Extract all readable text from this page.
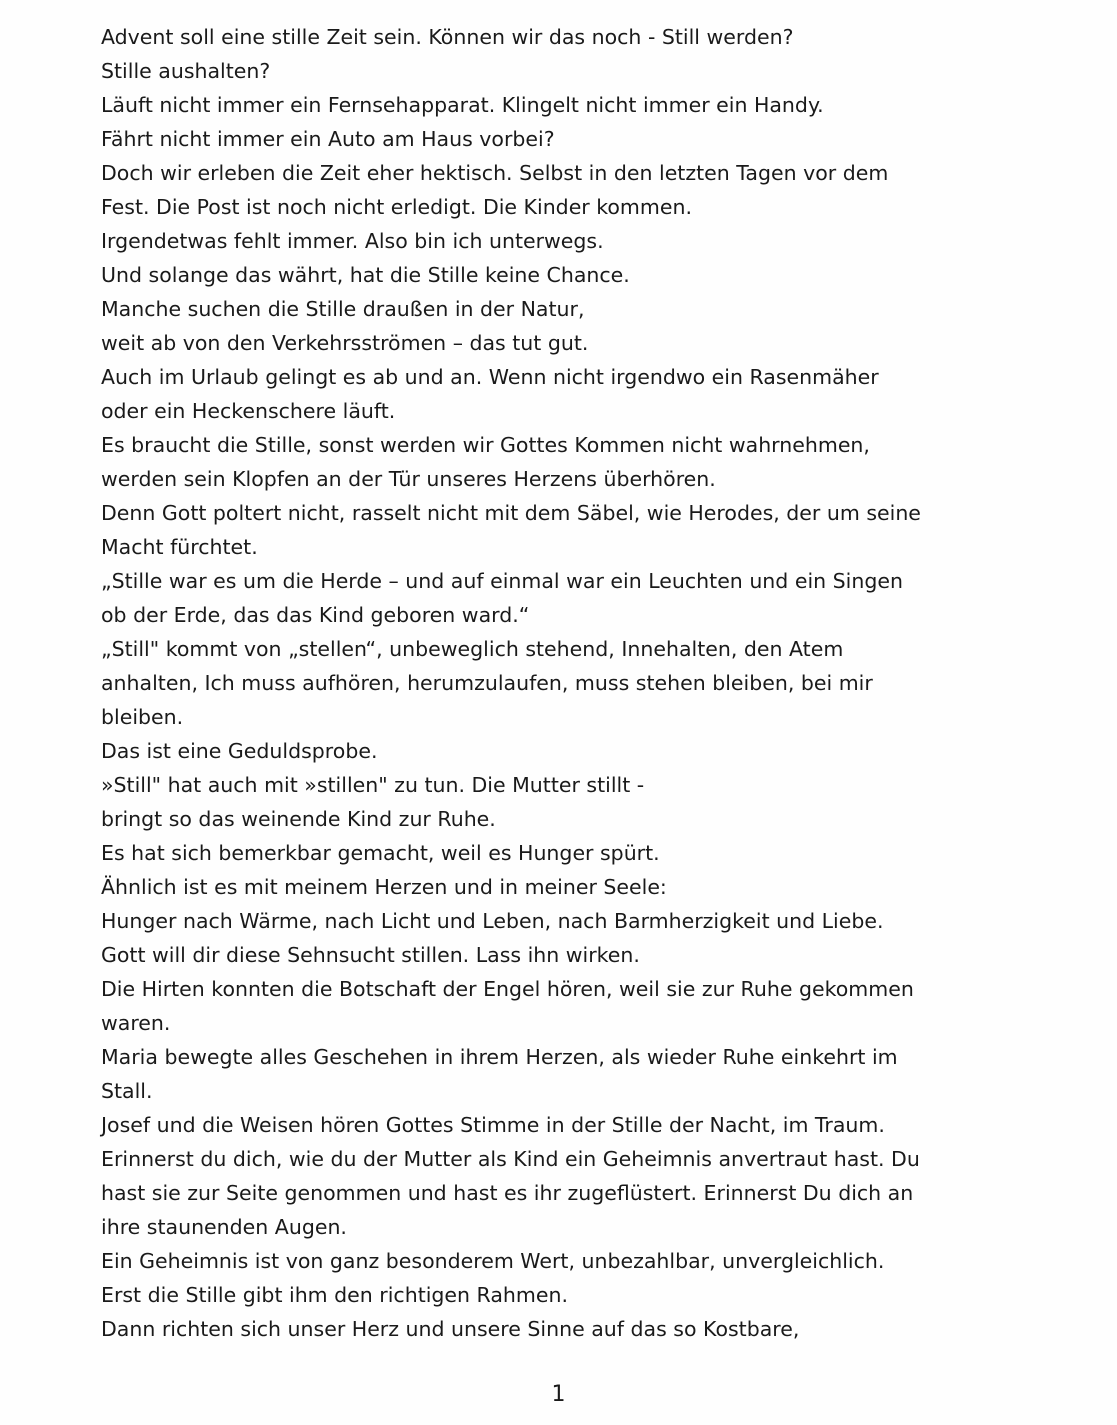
Advent soll eine stille Zeit sein. Können wir das noch - Still werden?
Stille aushalten?
Läuft nicht immer ein Fernsehapparat. Klingelt nicht immer ein Handy.
Fährt nicht immer ein Auto am Haus vorbei?
Doch wir erleben die Zeit eher hektisch. Selbst in den letzten Tagen vor dem
Fest. Die Post ist noch nicht erledigt. Die Kinder kommen.
Irgendetwas fehlt immer. Also bin ich unterwegs.
Und solange das währt, hat die Stille keine Chance.
Manche suchen die Stille draußen in der Natur,
weit ab von den Verkehrsströmen – das tut gut.
Auch im Urlaub gelingt es ab und an. Wenn nicht irgendwo ein Rasenmäher
oder ein Heckenschere läuft.
Es braucht die Stille, sonst werden wir Gottes Kommen nicht wahrnehmen,
werden sein Klopfen an der Tür unseres Herzens überhören.
Denn Gott poltert nicht, rasselt nicht mit dem Säbel, wie Herodes, der um seine
Macht fürchtet.
„Stille war es um die Herde – und auf einmal war ein Leuchten und ein Singen
ob der Erde, das das Kind geboren ward.“
„Still" kommt von „stellen“, unbeweglich stehend, Innehalten, den Atem
anhalten, Ich muss aufhören, herumzulaufen, muss stehen bleiben, bei mir
bleiben.
Das ist eine Geduldsprobe.
»Still" hat auch mit »stillen" zu tun. Die Mutter stillt -
bringt so das weinende Kind zur Ruhe.
Es hat sich bemerkbar gemacht, weil es Hunger spürt.
Ähnlich ist es mit meinem Herzen und in meiner Seele:
Hunger nach Wärme, nach Licht und Leben, nach Barmherzigkeit und Liebe.
Gott will dir diese Sehnsucht stillen. Lass ihn wirken.
Die Hirten konnten die Botschaft der Engel hören, weil sie zur Ruhe gekommen
waren.
Maria bewegte alles Geschehen in ihrem Herzen, als wieder Ruhe einkehrt im
Stall.
Josef und die Weisen hören Gottes Stimme in der Stille der Nacht, im Traum.
Erinnerst du dich, wie du der Mutter als Kind ein Geheimnis anvertraut hast. Du
hast sie zur Seite genommen und hast es ihr zugeflüstert. Erinnerst Du dich an
ihre staunenden Augen.
Ein Geheimnis ist von ganz besonderem Wert, unbezahlbar, unvergleichlich.
Erst die Stille gibt ihm den richtigen Rahmen.
Dann richten sich unser Herz und unsere Sinne auf das so Kostbare,
1
